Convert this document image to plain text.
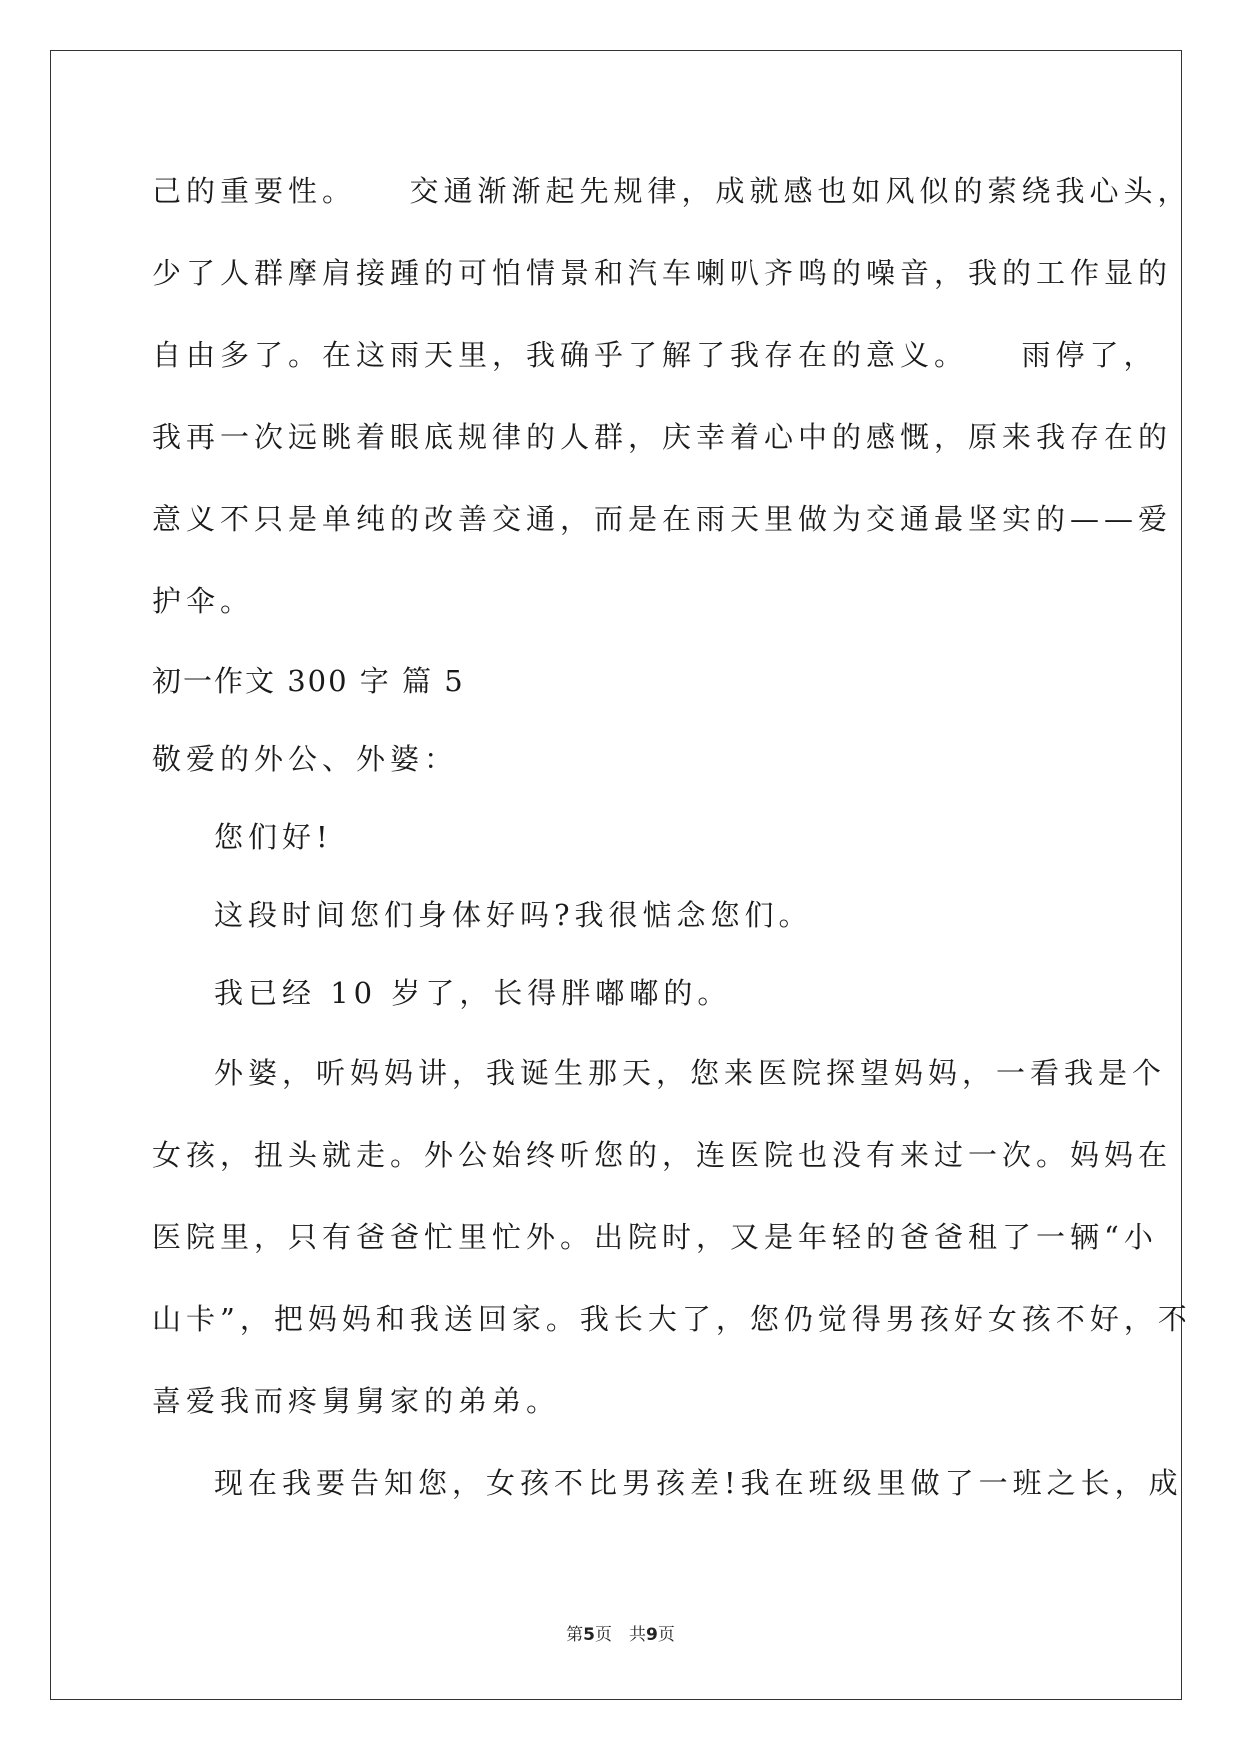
己的重要性。　　交通渐渐起先规律，成就感也如风似的萦绕我心头，
少了人群摩肩接踵的可怕情景和汽车喇叭齐鸣的噪音，我的工作显的
自由多了。在这雨天里，我确乎了解了我存在的意义。　　雨停了，
我再一次远眺着眼底规律的人群，庆幸着心中的感慨，原来我存在的
意义不只是单纯的改善交通，而是在雨天里做为交通最坚实的——爱
护伞。
初一作文 300 字 篇 5
敬爱的外公、外婆：
您们好!
这段时间您们身体好吗?我很惦念您们。
我已经 10 岁了，长得胖嘟嘟的。
外婆，听妈妈讲，我诞生那天，您来医院探望妈妈，一看我是个
女孩，扭头就走。外公始终听您的，连医院也没有来过一次。妈妈在
医院里，只有爸爸忙里忙外。出院时，又是年轻的爸爸租了一辆“小
山卡”，把妈妈和我送回家。我长大了，您仍觉得男孩好女孩不好，不
喜爱我而疼舅舅家的弟弟。
现在我要告知您，女孩不比男孩差!我在班级里做了一班之长，成
第5页　共9页
